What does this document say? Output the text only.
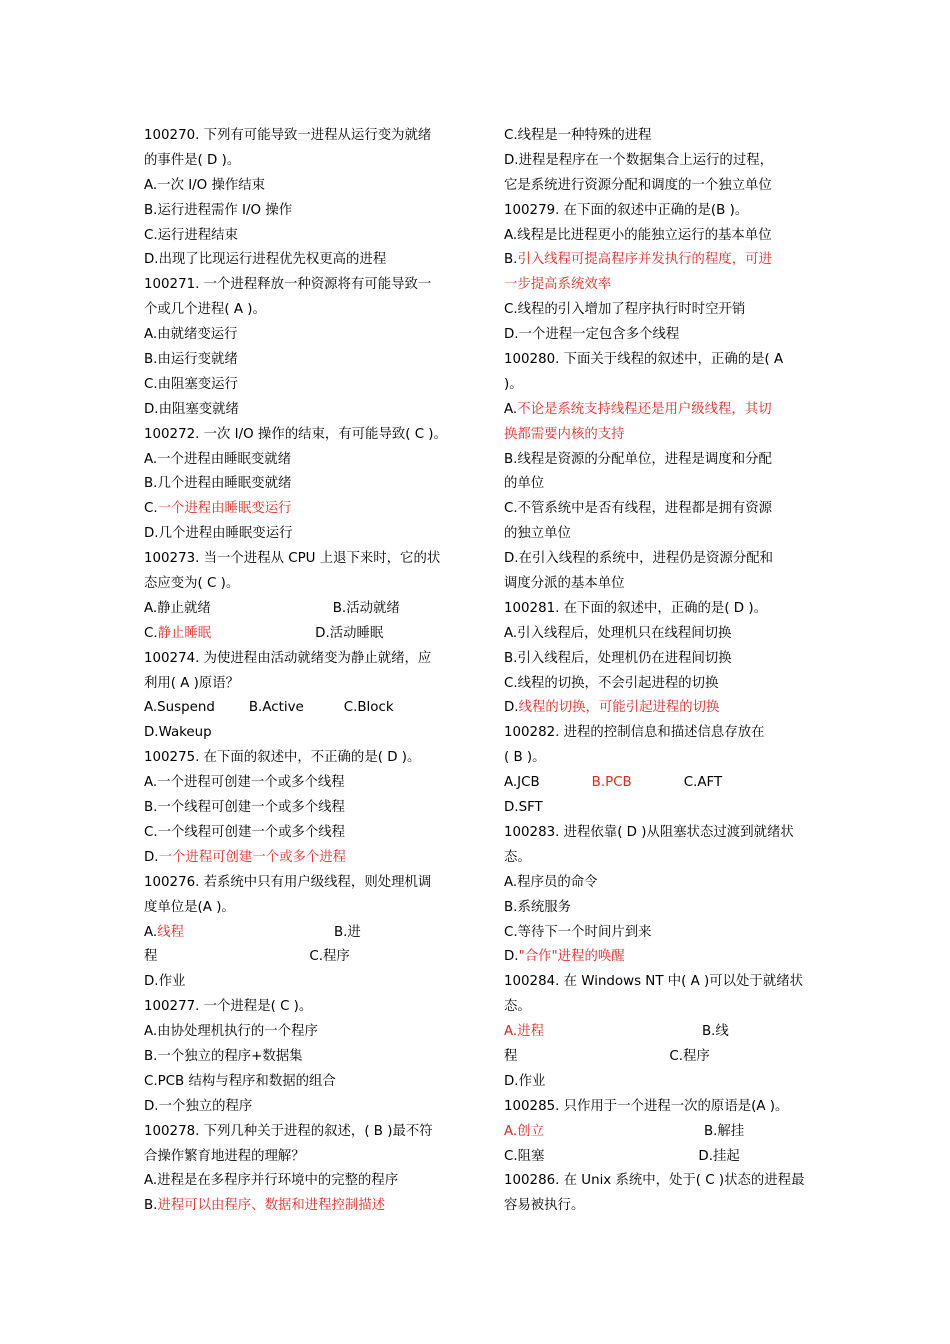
100270. 下列有可能导致一进程从运行变为就绪
的事件是( D )。
A.一次 I/O 操作结束
B.运行进程需作 I/O 操作
C.运行进程结束
D.出现了比现运行进程优先权更高的进程
100271. 一个进程释放一种资源将有可能导致一
个或几个进程( A )。
A.由就绪变运行
B.由运行变就绪
C.由阻塞变运行
D.由阻塞变就绪
100272. 一次 I/O 操作的结束，有可能导致( C )。
A.一个进程由睡眠变就绪
B.几个进程由睡眠变就绪
C.一个进程由睡眠变运行
D.几个进程由睡眠变运行
100273. 当一个进程从 CPU 上退下来时，它的状
态应变为( C )。
A.静止就绪	B.活动就绪
C.静止睡眠	D.活动睡眠
100274. 为使进程由活动就绪变为静止就绪，应
利用( A )原语？
A.Suspend	B.Active	C.Block
D.Wakeup
100275. 在下面的叙述中，不正确的是( D )。
A.一个进程可创建一个或多个线程
B.一个线程可创建一个或多个线程
C.一个线程可创建一个或多个线程
D.一个进程可创建一个或多个进程
100276. 若系统中只有用户级线程，则处理机调
度单位是(A )。
A.线程	B.进
程	C.程序
D.作业
100277. 一个进程是( C )。
A.由协处理机执行的一个程序
B.一个独立的程序+数据集
C.PCB 结构与程序和数据的组合
D.一个独立的程序
100278. 下列几种关于进程的叙述，( B )最不符
合操作繁育地进程的理解？
A.进程是在多程序并行环境中的完整的程序
B.进程可以由程序、数据和进程控制描述
C.线程是一种特殊的进程
D.进程是程序在一个数据集合上运行的过程，
它是系统进行资源分配和调度的一个独立单位
100279. 在下面的叙述中正确的是(B )。
A.线程是比进程更小的能独立运行的基本单位
B.引入线程可提高程序并发执行的程度，可进
一步提高系统效率
C.线程的引入增加了程序执行时时空开销
D.一个进程一定包含多个线程
100280. 下面关于线程的叙述中，正确的是( A
)。
A.不论是系统支持线程还是用户级线程，其切
换都需要内核的支持
B.线程是资源的分配单位，进程是调度和分配
的单位
C.不管系统中是否有线程，进程都是拥有资源
的独立单位
D.在引入线程的系统中，进程仍是资源分配和
调度分派的基本单位
100281. 在下面的叙述中，正确的是( D )。
A.引入线程后，处理机只在线程间切换
B.引入线程后，处理机仍在进程间切换
C.线程的切换，不会引起进程的切换
D.线程的切换，可能引起进程的切换
100282. 进程的控制信息和描述信息存放在
( B )。
A.JCB	B.PCB	C.AFT
D.SFT
100283. 进程依靠( D )从阻塞状态过渡到就绪状
态。
A.程序员的命令
B.系统服务
C.等待下一个时间片到来
D."合作"进程的唤醒
100284. 在 Windows NT 中( A )可以处于就绪状
态。
A.进程	B.线
程	C.程序
D.作业
100285. 只作用于一个进程一次的原语是(A )。
A.创立	B.解挂
C.阻塞	D.挂起
100286. 在 Unix 系统中，处于( C )状态的进程最
容易被执行。
